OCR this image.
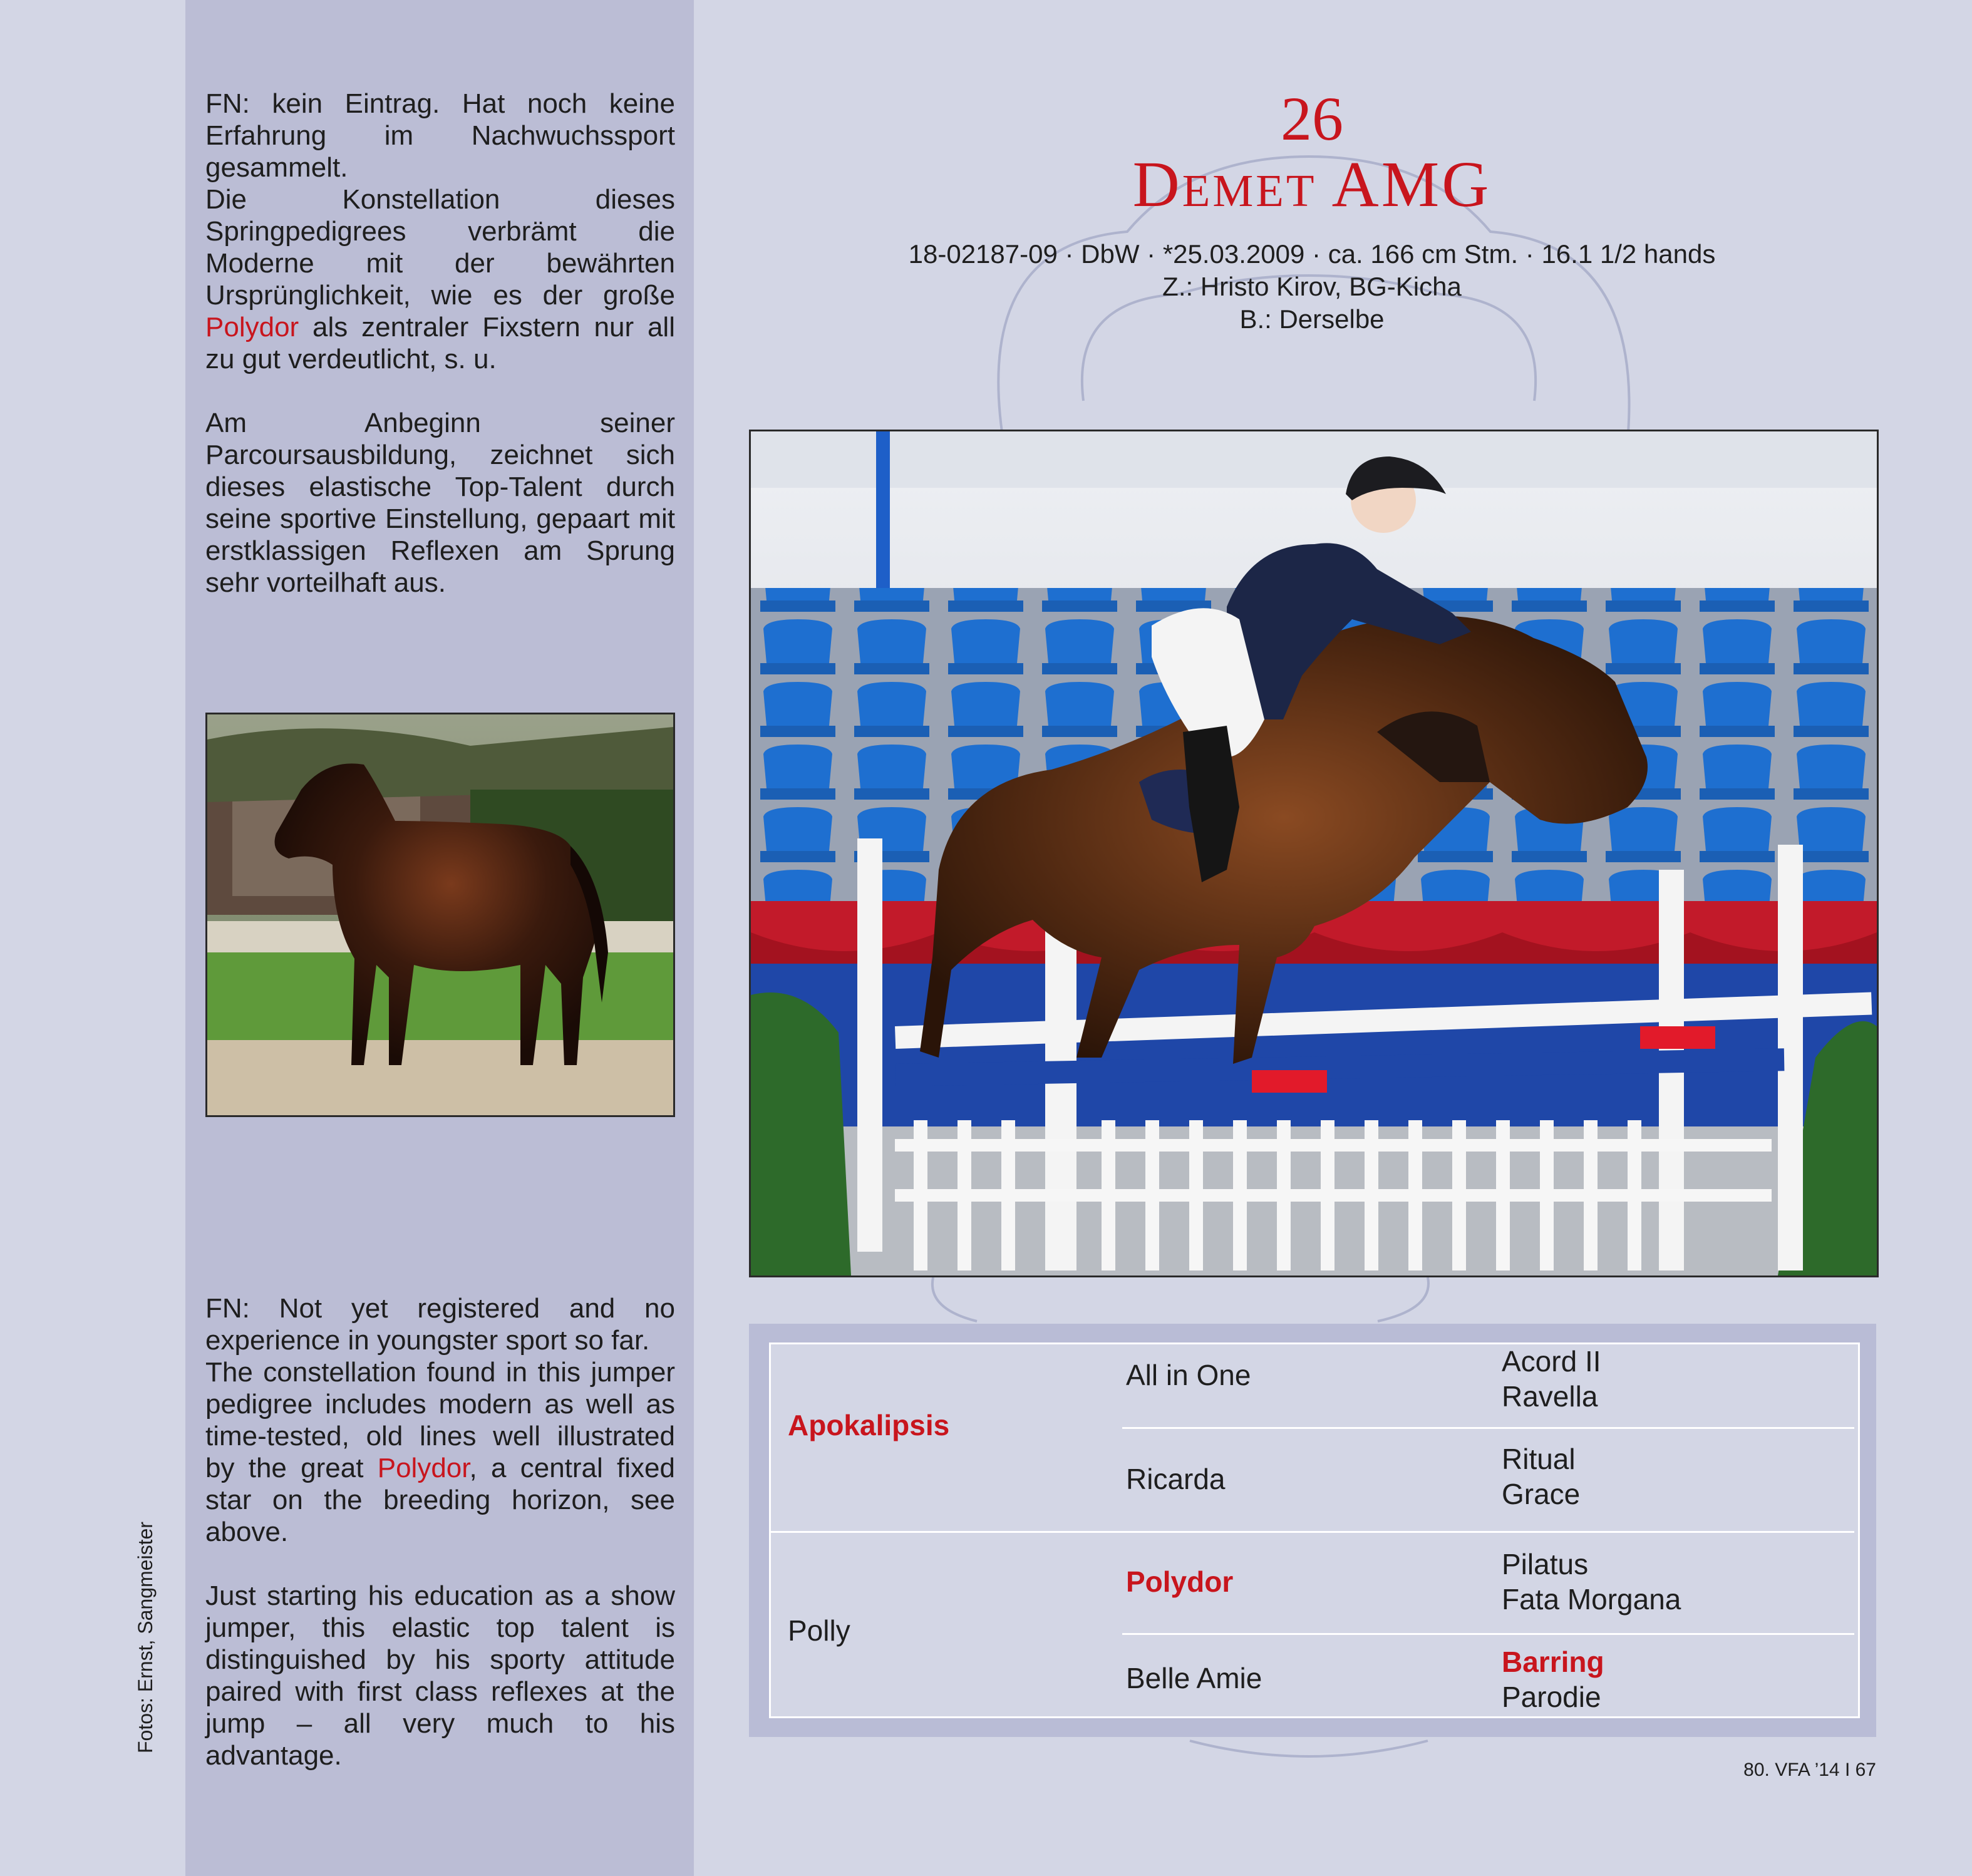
FN: kein Eintrag. Hat noch keine Erfahrung im Nachwuchssport gesammelt.
Die Konstellation dieses Springpedigrees verbrämt die Moderne mit der bewährten Ursprünglichkeit, wie es der große Polydor als zentraler Fixstern nur all zu gut verdeutlicht, s. u.

Am Anbeginn seiner Parcoursausbildung, zeichnet sich dieses elastische Top-Talent durch seine sportive Einstellung, gepaart mit erstklassigen Reflexen am Sprung sehr vorteilhaft aus.

FN: Not yet registered and no experience in youngster sport so far.
The constellation found in this jumper pedigree includes modern as well as time-tested, old lines well illustrated by the great Polydor, a central fixed star on the breeding horizon, see above.

Just starting his education as a show jumper, this elastic top talent is distinguished by his sporty attitude paired with first class reflexes at the jump – all very much to his advantage.

Fotos: Ernst, Sangmeister
26
Demet AMG
18-02187-09 · DbW · *25.03.2009 · ca. 166 cm Stm. · 16.1 1/2 hands
Z.: Hristo Kirov, BG-Kicha
B.: Derselbe
Apokalipsis
Polly
All in One
Ricarda
Polydor
Belle Amie
Acord II
Ravella
Ritual
Grace
Pilatus
Fata Morgana
Barring
Parodie
80. VFA ’14 I 67
